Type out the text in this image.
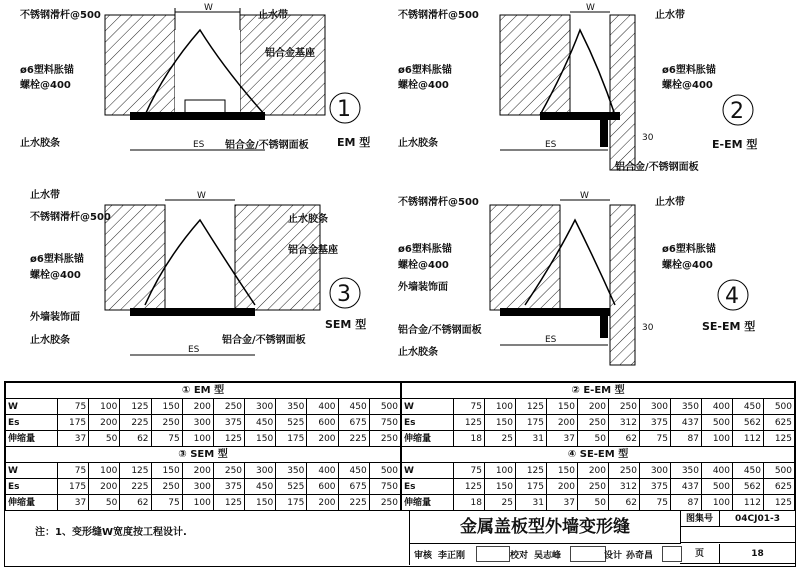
W
ES
不锈钢滑杆@500	止水带
铝合金基座
ø6塑料胀锚
螺栓@400
止水胶条	铝合金/不锈钢面板
1
EM 型
W
ES
30
不锈钢滑杆@500	止水带
ø6塑料胀锚
螺栓@400
ø6塑料胀锚
螺栓@400
止水胶条
铝合金/不锈钢面板
2
E-EM 型
W
ES
止水带
不锈钢滑杆@500	止水胶条
铝合金基座
ø6塑料胀锚
螺栓@400
外墙装饰面
止水胶条	铝合金/不锈钢面板
3
SEM 型
W
ES
30
不锈钢滑杆@500	止水带
ø6塑料胀锚
螺栓@400
ø6塑料胀锚
螺栓@400
外墙装饰面
铝合金/不锈钢面板
止水胶条
4
SE-EM 型
① EM 型											
W	75	100	125	150	200	250	300	350	400	450	500
Es	175	200	225	250	300	375	450	525	600	675	750
伸缩量	37	50	62	75	100	125	150	175	200	225	250
③ SEM 型											
W	75	100	125	150	200	250	300	350	400	450	500
Es	175	200	225	250	300	375	450	525	600	675	750
伸缩量	37	50	62	75	100	125	150	175	200	225	250
② E-EM 型											
W	75	100	125	150	200	250	300	350	400	450	500
Es	125	150	175	200	250	312	375	437	500	562	625
伸缩量	18	25	31	37	50	62	75	87	100	112	125
④ SE-EM 型											
W	75	100	125	150	200	250	300	350	400	450	500
Es	125	150	175	200	250	312	375	437	500	562	625
伸缩量	18	25	31	37	50	62	75	87	100	112	125
注：1、变形缝W宽度按工程设计.	金属盖板型外墙变形缝	图集号	04CJ01-3
页	18
审核 李正刚	校对 吴志峰	设计 孙奇昌
